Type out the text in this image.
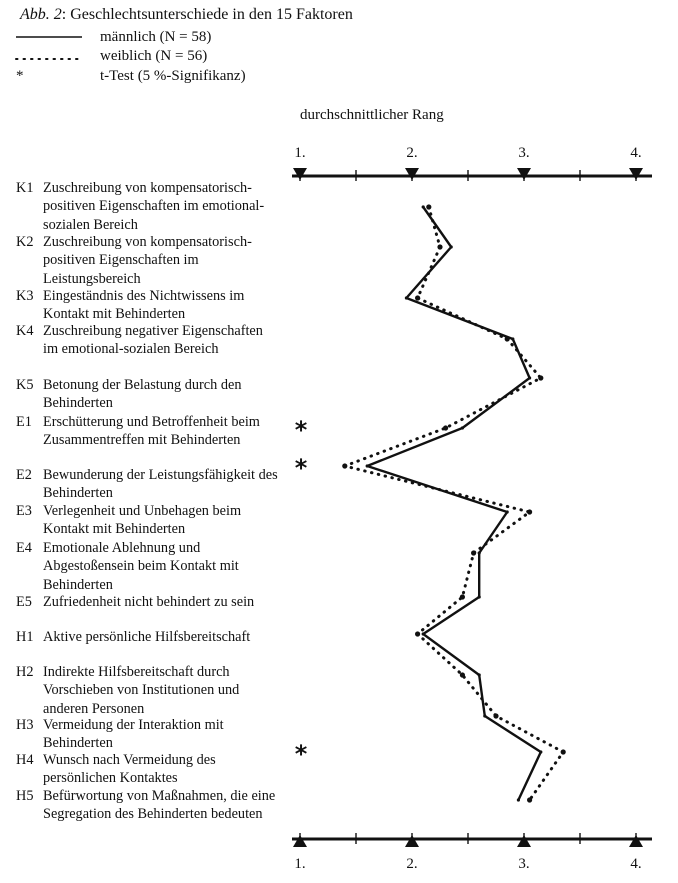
Abb. 2: Geschlechtsunterschiede in den 15 Faktoren
männlich (N = 58)
weiblich (N = 56)
*	t-Test (5 %-Signifikanz)
durchschnittlicher Rang
K1 Zuschreibung von kompensatorisch-positiven Eigenschaften im emotional-sozialen Bereich
K2 Zuschreibung von kompensatorisch-positiven Eigenschaften im Leistungsbereich
K3 Eingeständnis des Nichtwissens im Kontakt mit Behinderten
K4 Zuschreibung negativer Eigenschaften im emotional-sozialen Bereich
K5 Betonung der Belastung durch den Behinderten
E1 Erschütterung und Betroffenheit beim Zusammentreffen mit Behinderten
E2 Bewunderung der Leistungsfähigkeit des Behinderten
E3 Verlegenheit und Unbehagen beim Kontakt mit Behinderten
E4 Emotionale Ablehnung und Abgestoßensein beim Kontakt mit Behinderten
E5 Zufriedenheit nicht behindert zu sein
H1 Aktive persönliche Hilfsbereitschaft
H2 Indirekte Hilfsbereitschaft durch Vorschieben von Institutionen und anderen Personen
H3 Vermeidung der Interaktion mit Behinderten
H4 Wunsch nach Vermeidung des persönlichen Kontaktes
H5 Befürwortung von Maßnahmen, die eine Segregation des Behinderten bedeuten
1.	2.	3.	4.
1.	2.	3.	4.
*
*
*
